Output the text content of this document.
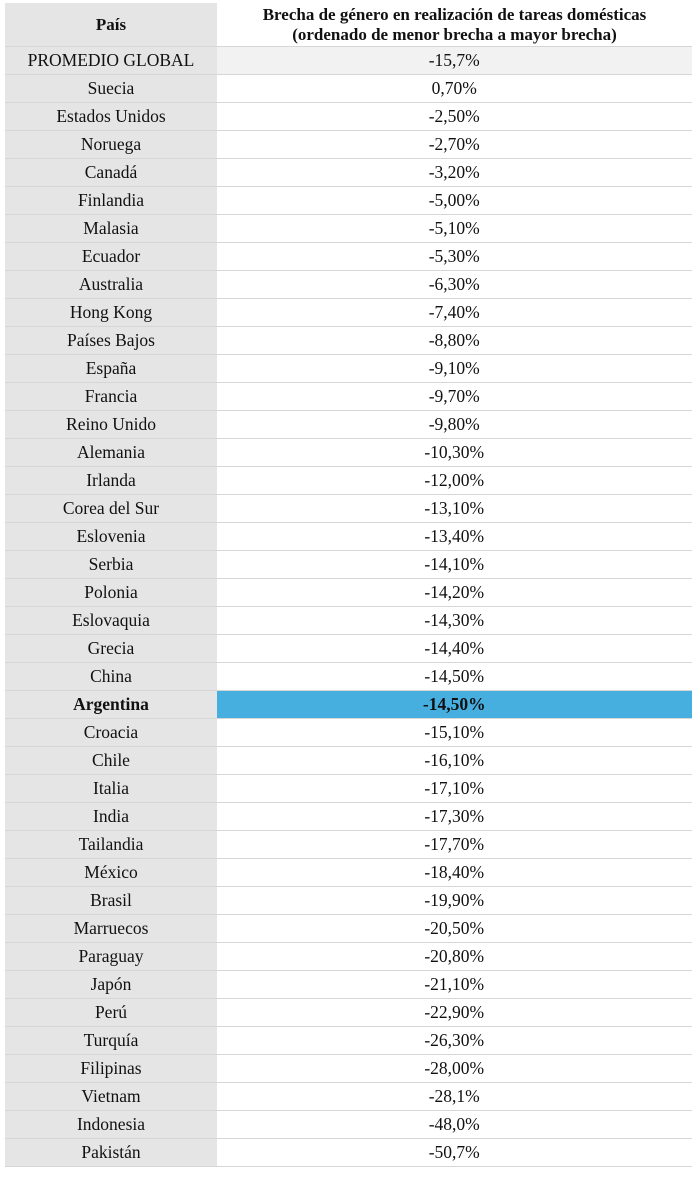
País	Brecha de género en realización de tareas domésticas
(ordenado de menor brecha a mayor brecha)

PROMEDIO GLOBAL	-15,7%
Suecia	0,70%
Estados Unidos	-2,50%
Noruega	-2,70%
Canadá	-3,20%
Finlandia	-5,00%
Malasia	-5,10%
Ecuador	-5,30%
Australia	-6,30%
Hong Kong	-7,40%
Países Bajos	-8,80%
España	-9,10%
Francia	-9,70%
Reino Unido	-9,80%
Alemania	-10,30%
Irlanda	-12,00%
Corea del Sur	-13,10%
Eslovenia	-13,40%
Serbia	-14,10%
Polonia	-14,20%
Eslovaquia	-14,30%
Grecia	-14,40%
China	-14,50%
Argentina	-14,50%
Croacia	-15,10%
Chile	-16,10%
Italia	-17,10%
India	-17,30%
Tailandia	-17,70%
México	-18,40%
Brasil	-19,90%
Marruecos	-20,50%
Paraguay	-20,80%
Japón	-21,10%
Perú	-22,90%
Turquía	-26,30%
Filipinas	-28,00%
Vietnam	-28,1%
Indonesia	-48,0%
Pakistán	-50,7%
